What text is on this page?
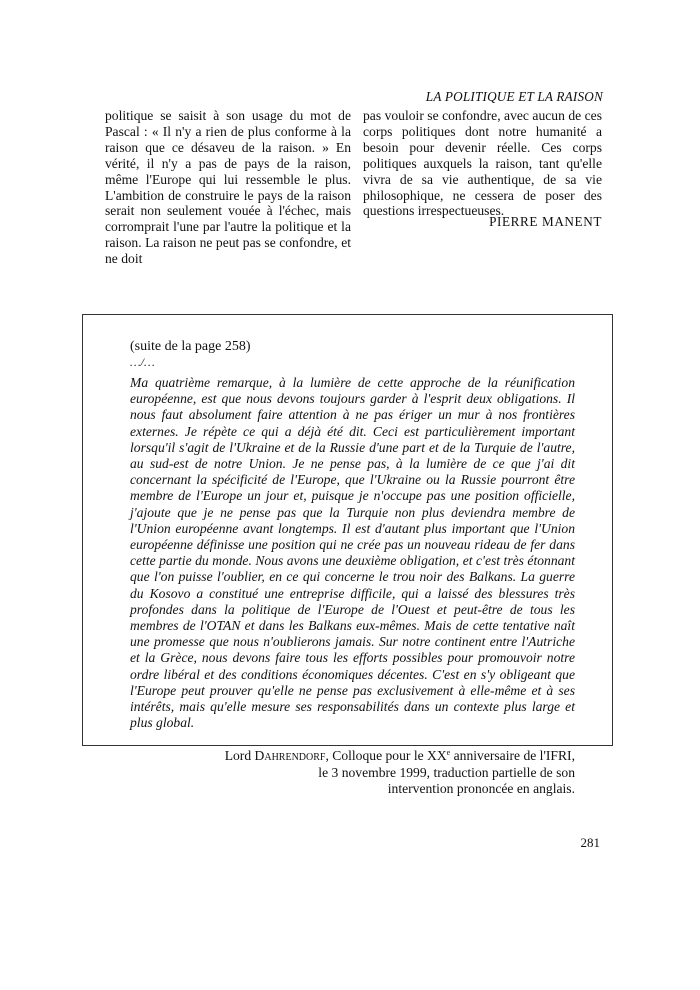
LA POLITIQUE ET LA RAISON

politique se saisit à son usage du mot de Pascal : « Il n'y a rien de plus conforme à la raison que ce désaveu de la raison. » En vérité, il n'y a pas de pays de la raison, même l'Europe qui lui ressemble le plus. L'ambition de construire le pays de la raison serait non seulement vouée à l'échec, mais corromprait l'une par l'autre la politique et la raison. La raison ne peut pas se confondre, et ne doit

pas vouloir se confondre, avec aucun de ces corps politiques dont notre humanité a besoin pour devenir réelle. Ces corps politiques auxquels la raison, tant qu'elle vivra de sa vie authentique, de sa vie philosophique, ne cessera de poser des questions irrespectueuses.

PIERRE MANENT
(suite de la page 258)
…/…

Ma quatrième remarque, à la lumière de cette approche de la réunification européenne, est que nous devons toujours garder à l'esprit deux obligations. Il nous faut absolument faire attention à ne pas ériger un mur à nos frontières externes. Je répète ce qui a déjà été dit. Ceci est particulièrement important lorsqu'il s'agit de l'Ukraine et de la Russie d'une part et de la Turquie de l'autre, au sud-est de notre Union. Je ne pense pas, à la lumière de ce que j'ai dit concernant la spécificité de l'Europe, que l'Ukraine ou la Russie pourront être membre de l'Europe un jour et, puisque je n'occupe pas une position officielle, j'ajoute que je ne pense pas que la Turquie non plus deviendra membre de l'Union européenne avant longtemps. Il est d'autant plus important que l'Union européenne définisse une position qui ne crée pas un nouveau rideau de fer dans cette partie du monde. Nous avons une deuxième obligation, et c'est très étonnant que l'on puisse l'oublier, en ce qui concerne le trou noir des Balkans. La guerre du Kosovo a constitué une entreprise difficile, qui a laissé des blessures très profondes dans la politique de l'Europe de l'Ouest et peut-être de tous les membres de l'OTAN et dans les Balkans eux-mêmes. Mais de cette tentative naît une promesse que nous n'oublierons jamais. Sur notre continent entre l'Autriche et la Grèce, nous devons faire tous les efforts possibles pour promouvoir notre ordre libéral et des conditions économiques décentes. C'est en s'y obligeant que l'Europe peut prouver qu'elle ne pense pas exclusivement à elle-même et à ses intérêts, mais qu'elle mesure ses responsabilités dans un contexte plus large et plus global.

Lord Dahrendorf, Colloque pour le XXe anniversaire de l'IFRI,
le 3 novembre 1999, traduction partielle de son
intervention prononcée en anglais.
281
